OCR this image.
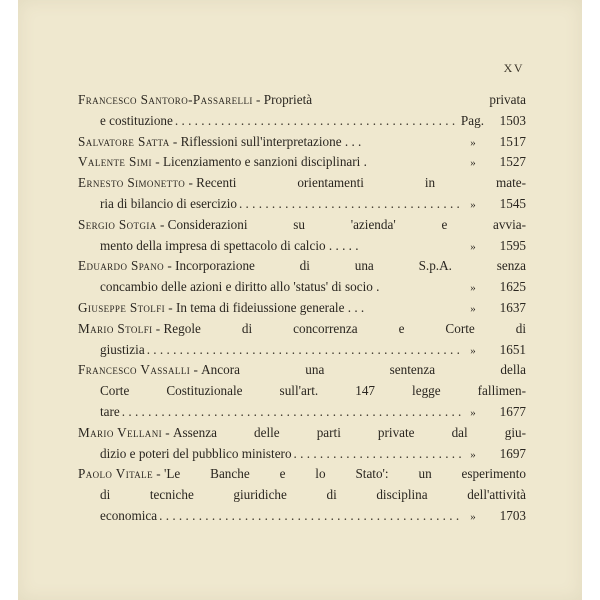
XV
Francesco Santoro-Passarelli - Proprietà privata
e costituzione . . .	Pag.	1503
Salvatore Satta - Riflessioni sull'interpretazione . . .	»	1517
Valente Simi - Licenziamento e sanzioni disciplinari .	»	1527
Ernesto Simonetto - Recenti orientamenti in mate-
ria di bilancio di esercizio . . .	»	1545
Sergio Sotgia - Considerazioni su 'azienda' e avvia-
mento della impresa di spettacolo di calcio . . . . .	»	1595
Eduardo Spano - Incorporazione di una S.p.A. senza
concambio delle azioni e diritto allo 'status' di socio .	»	1625
Giuseppe Stolfi - In tema di fideiussione generale . . .	»	1637
Mario Stolfi - Regole di concorrenza e Corte di
giustizia . . .	»	1651
Francesco Vassalli - Ancora una sentenza della
Corte Costituzionale sull'art. 147 legge fallimen-
tare . . .	»	1677
Mario Vellani - Assenza delle parti private dal giu-
dizio e poteri del pubblico ministero . . .	»	1697
Paolo Vitale - 'Le Banche e lo Stato': un esperimento
di tecniche giuridiche di disciplina dell'attività
economica . . .	»	1703
